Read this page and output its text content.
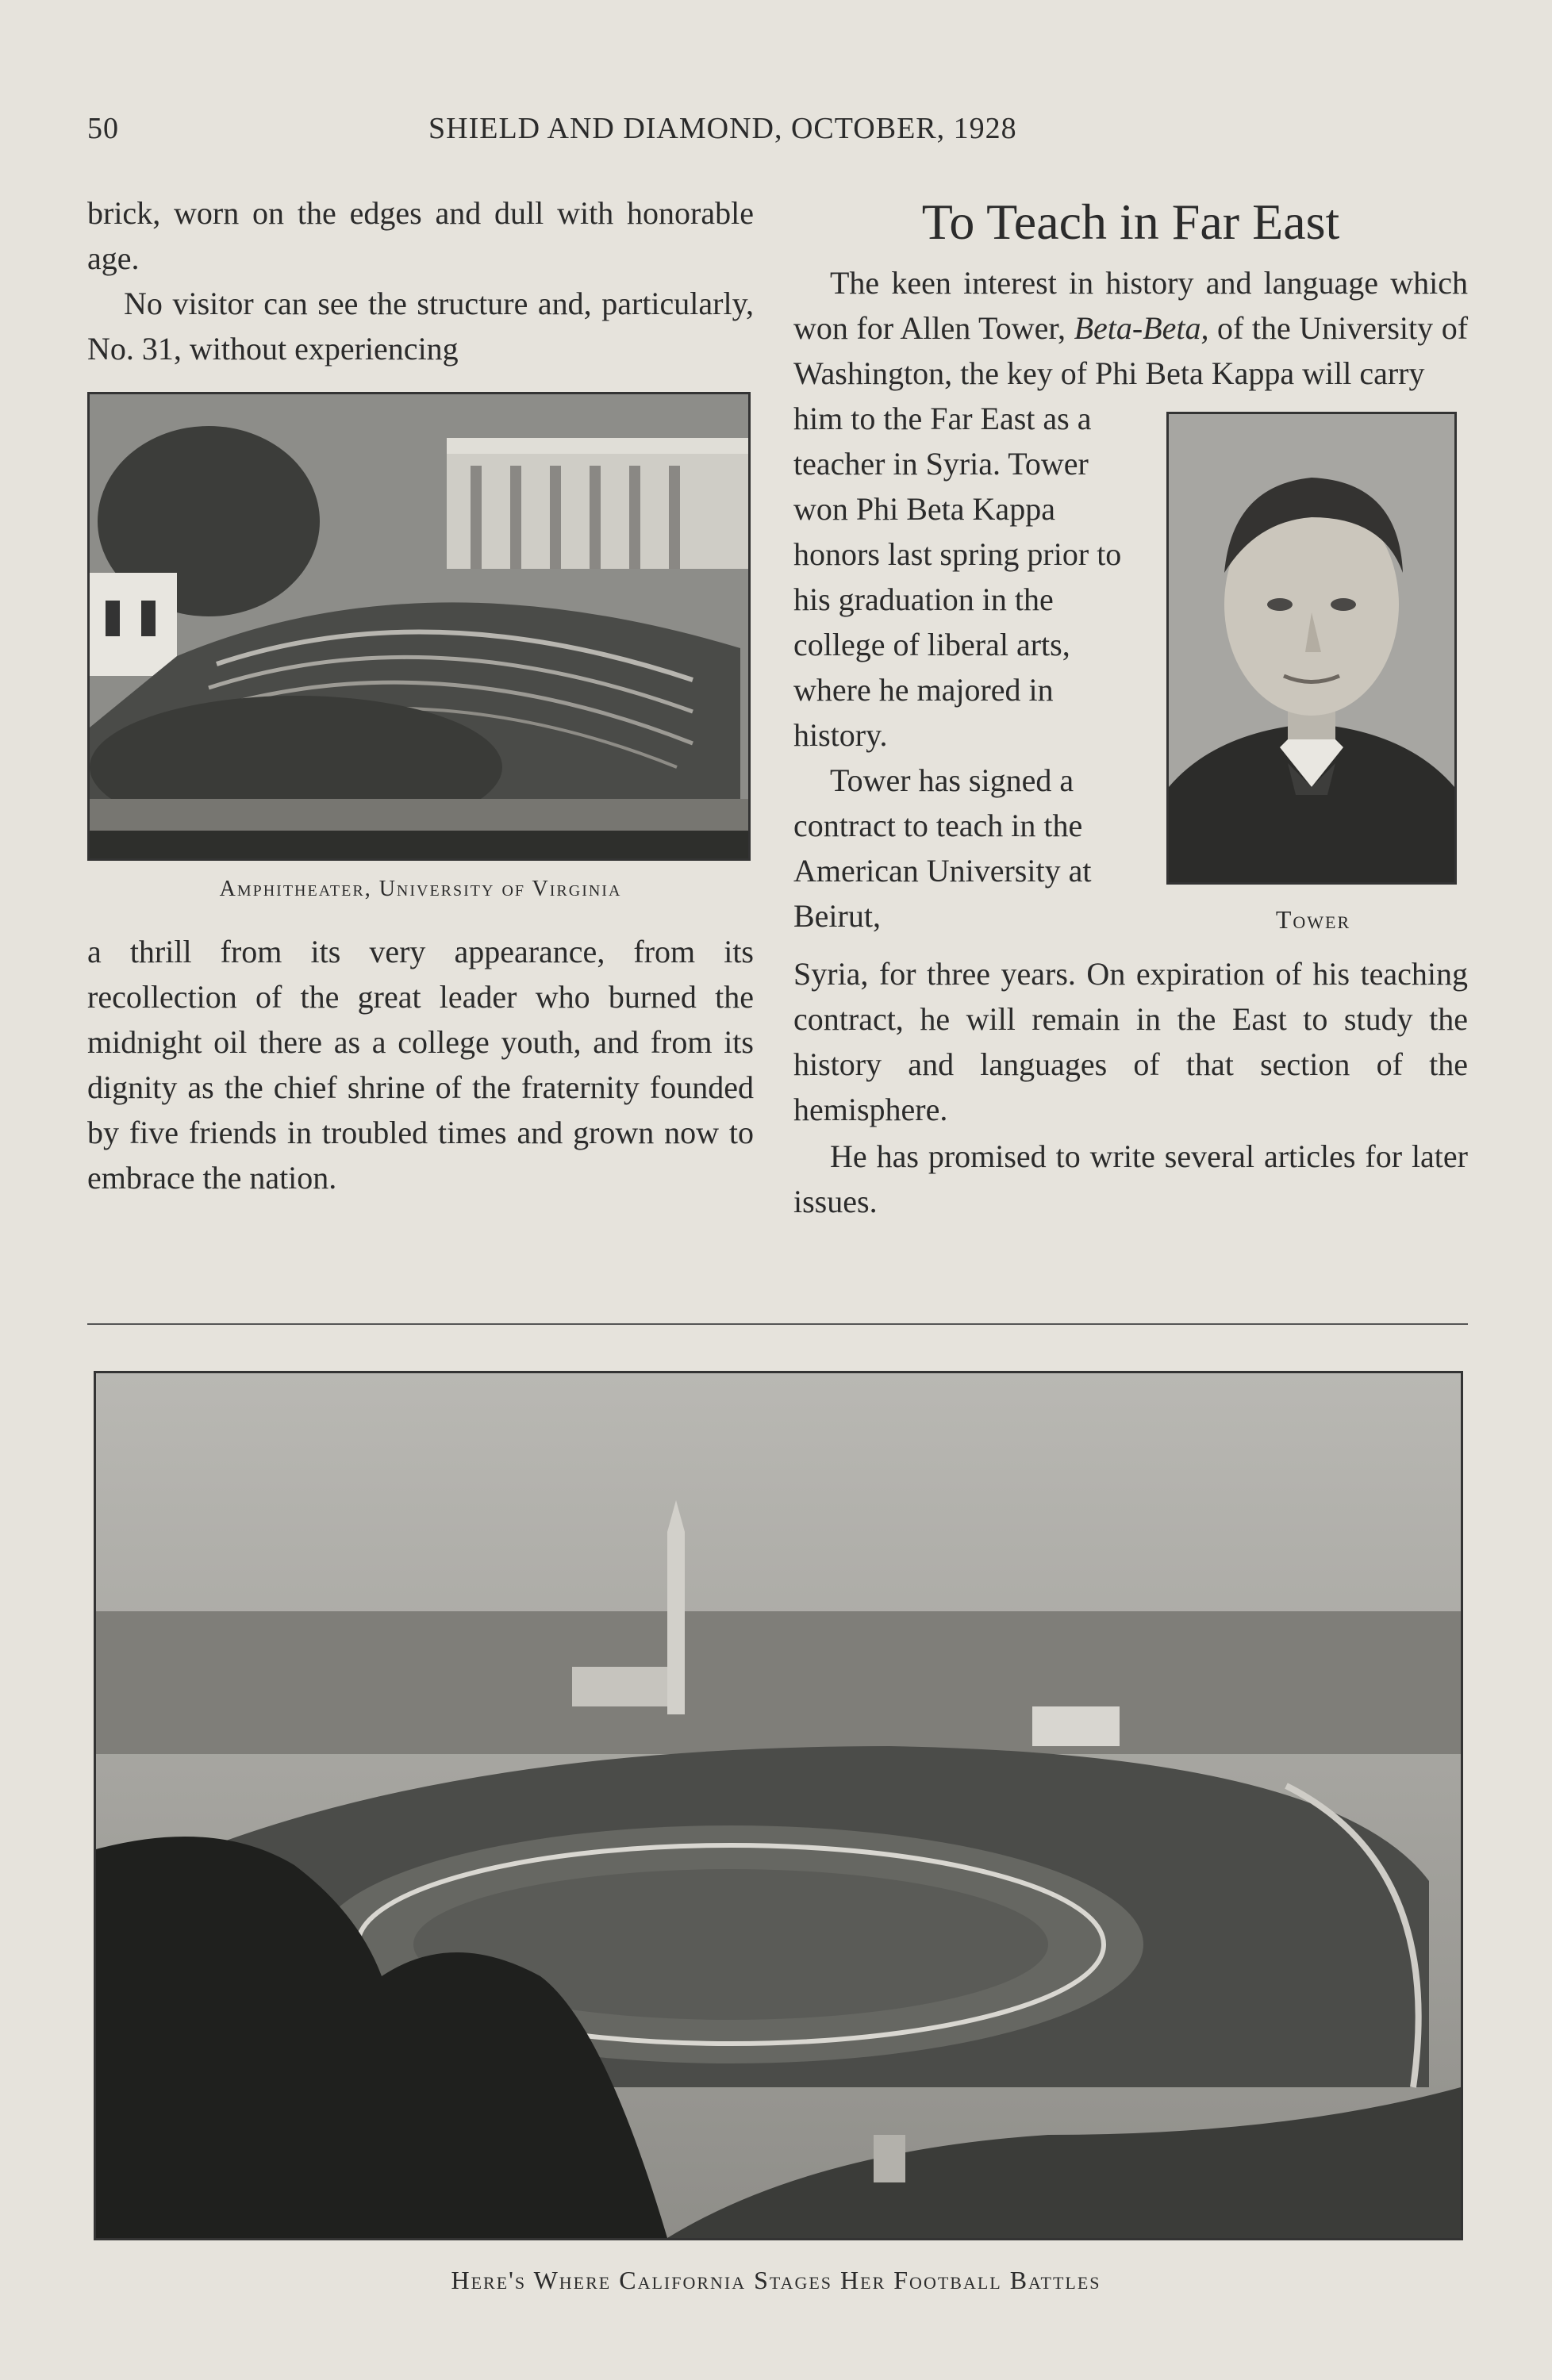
50	SHIELD AND DIAMOND, OCTOBER, 1928

brick, worn on the edges and dull with honorable age.

No visitor can see the structure and, particularly, No. 31, without experiencing

Amphitheater, University of Virginia

a thrill from its very appearance, from its recollection of the great leader who burned the midnight oil there as a college youth, and from its dignity as the chief shrine of the fraternity founded by five friends in troubled times and grown now to embrace the nation.

To Teach in Far East

The keen interest in history and language which won for Allen Tower, Beta-Beta, of the University of Washington, the key of Phi Beta Kappa will carry

him to the Far East as a teacher in Syria. Tower won Phi Beta Kappa honors last spring prior to his graduation in the college of liberal arts, where he majored in history.

Tower has signed a contract to teach in the American University at Beirut,	Tower

Syria, for three years. On expiration of his teaching contract, he will remain in the East to study the history and languages of that section of the hemisphere.

He has promised to write several articles for later issues.

Here's Where California Stages Her Football Battles
